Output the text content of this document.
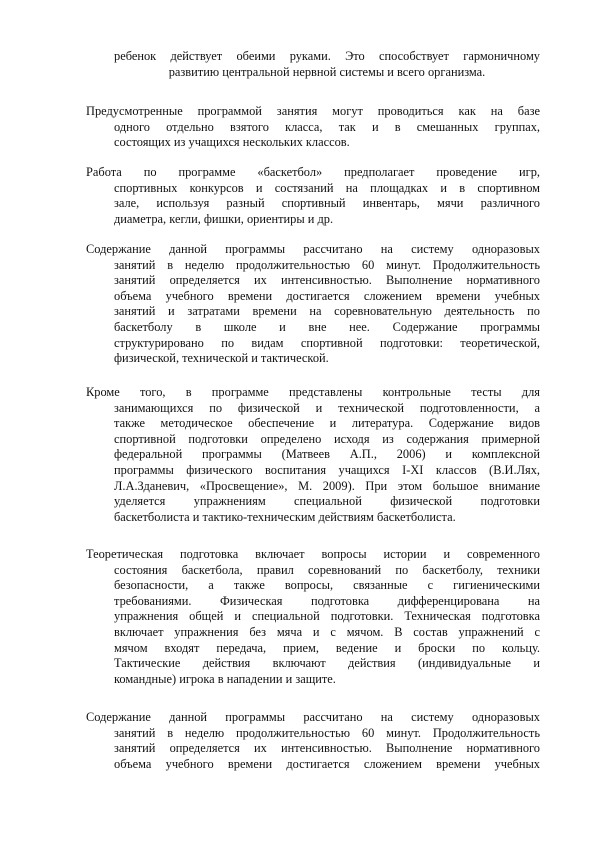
ребенок действует обеими руками. Это способствует гармоничному
развитию центральной нервной системы и всего организма.
Предусмотренные программой занятия могут проводиться как на базе
одного отдельно взятого класса, так и в смешанных группах,
состоящих из учащихся нескольких классов.
Работа по программе «баскетбол» предполагает проведение игр,
спортивных конкурсов и состязаний на площадках и в спортивном
зале, используя разный спортивный инвентарь, мячи различного
диаметра, кегли, фишки, ориентиры и др.
Содержание данной программы рассчитано на систему одноразовых
занятий в неделю продолжительностью 60 минут. Продолжительность
занятий определяется их интенсивностью. Выполнение нормативного
объема учебного времени достигается сложением времени учебных
занятий и затратами времени на соревновательную деятельность по
баскетболу в школе и вне нее. Содержание программы
структурировано по видам спортивной подготовки: теоретической,
физической, технической и тактической.
Кроме того, в программе представлены контрольные тесты для
занимающихся по физической и технической подготовленности, а
также методическое обеспечение и литература. Содержание видов
спортивной подготовки определено исходя из содержания примерной
федеральной программы (Матвеев А.П., 2006) и комплексной
программы физического воспитания учащихся I-XI классов (В.И.Лях,
Л.А.Зданевич, «Просвещение», М. 2009). При этом большое внимание
уделяется упражнениям специальной физической подготовки
баскетболиста и тактико-техническим действиям баскетболиста.
Теоретическая подготовка включает вопросы истории и современного
состояния баскетбола, правил соревнований по баскетболу, техники
безопасности, а также вопросы, связанные с гигиеническими
требованиями. Физическая подготовка дифференцирована на
упражнения общей и специальной подготовки. Техническая подготовка
включает упражнения без мяча и с мячом. В состав упражнений с
мячом входят передача, прием, ведение и броски по кольцу.
Тактические действия включают действия (индивидуальные и
командные) игрока в нападении и защите.
Содержание данной программы рассчитано на систему одноразовых
занятий в неделю продолжительностью 60 минут. Продолжительность
занятий определяется их интенсивностью. Выполнение нормативного
объема учебного времени достигается сложением времени учебных
